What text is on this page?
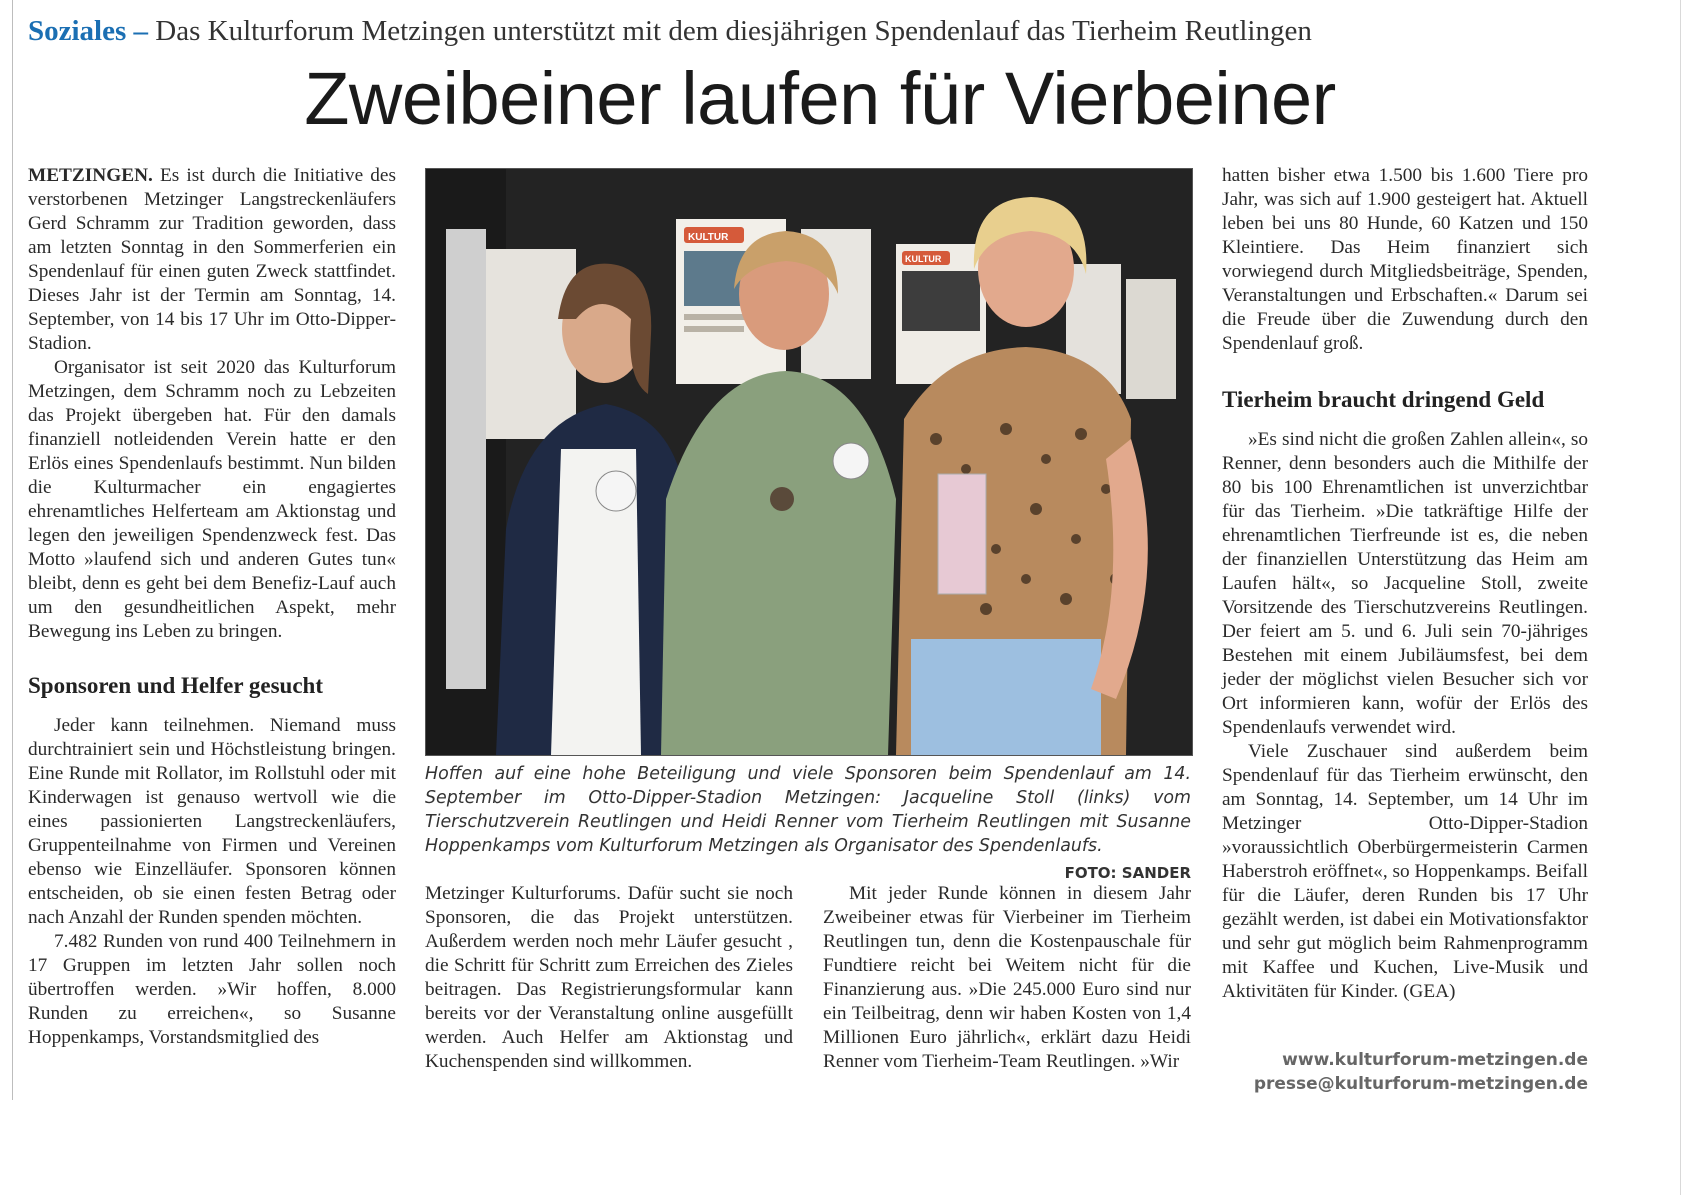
Soziales – Das Kulturforum Metzingen unterstützt mit dem diesjährigen Spendenlauf das Tierheim Reutlingen
Zweibeiner laufen für Vierbeiner

METZINGEN. Es ist durch die Initiative des verstorbenen Metzinger Langstreckenläufers Gerd Schramm zur Tradition geworden, dass am letzten Sonntag in den Sommerferien ein Spendenlauf für einen guten Zweck stattfindet. Dieses Jahr ist der Termin am Sonntag, 14. September, von 14 bis 17 Uhr im Otto-Dipper-Stadion.

Organisator ist seit 2020 das Kulturforum Metzingen, dem Schramm noch zu Lebzeiten das Projekt übergeben hat. Für den damals finanziell notleidenden Verein hatte er den Erlös eines Spendenlaufs bestimmt. Nun bilden die Kulturmacher ein engagiertes ehrenamtliches Helferteam am Aktionstag und legen den jeweiligen Spendenzweck fest. Das Motto »laufend sich und anderen Gutes tun« bleibt, denn es geht bei dem Benefiz-Lauf auch um den gesundheitlichen Aspekt, mehr Bewegung ins Leben zu bringen.

Sponsoren und Helfer gesucht

Jeder kann teilnehmen. Niemand muss durchtrainiert sein und Höchstleistung bringen. Eine Runde mit Rollator, im Rollstuhl oder mit Kinderwagen ist genauso wertvoll wie die eines passionierten Langstreckenläufers, Gruppenteilnahme von Firmen und Vereinen ebenso wie Einzelläufer. Sponsoren können entscheiden, ob sie einen festen Betrag oder nach Anzahl der Runden spenden möchten.

7.482 Runden von rund 400 Teilnehmern in 17 Gruppen im letzten Jahr sollen noch übertroffen werden. »Wir hoffen, 8.000 Runden zu erreichen«, so Susanne Hoppenkamps, Vorstandsmitglied des

KULTUR
KULTUR
Hoffen auf eine hohe Beteiligung und viele Sponsoren beim Spendenlauf am 14. September im Otto-Dipper-Stadion Metzingen: Jacqueline Stoll (links) vom Tierschutzverein Reutlingen und Heidi Renner vom Tierheim Reutlingen mit Susanne Hoppenkamps vom Kulturforum Metzingen als Organisator des Spendenlaufs.
FOTO: SANDER

Metzinger Kulturforums. Dafür sucht sie noch Sponsoren, die das Projekt unterstützen. Außerdem werden noch mehr Läufer gesucht , die Schritt für Schritt zum Erreichen des Zieles beitragen. Das Registrierungsformular kann bereits vor der Veranstaltung online ausgefüllt werden. Auch Helfer am Aktionstag und Kuchenspenden sind willkommen.

Mit jeder Runde können in diesem Jahr Zweibeiner etwas für Vierbeiner im Tierheim Reutlingen tun, denn die Kostenpauschale für Fundtiere reicht bei Weitem nicht für die Finanzierung aus. »Die 245.000 Euro sind nur ein Teilbeitrag, denn wir haben Kosten von 1,4 Millionen Euro jährlich«, erklärt dazu Heidi Renner vom Tierheim-Team Reutlingen. »Wir

hatten bisher etwa 1.500 bis 1.600 Tiere pro Jahr, was sich auf 1.900 gesteigert hat. Aktuell leben bei uns 80 Hunde, 60 Katzen und 150 Kleintiere. Das Heim finanziert sich vorwiegend durch Mitgliedsbeiträge, Spenden, Veranstaltungen und Erbschaften.« Darum sei die Freude über die Zuwendung durch den Spendenlauf groß.

Tierheim braucht dringend Geld

»Es sind nicht die großen Zahlen allein«, so Renner, denn besonders auch die Mithilfe der 80 bis 100 Ehrenamtlichen ist unverzichtbar für das Tierheim. »Die tatkräftige Hilfe der ehrenamtlichen Tierfreunde ist es, die neben der finanziellen Unterstützung das Heim am Laufen hält«, so Jacqueline Stoll, zweite Vorsitzende des Tierschutzvereins Reutlingen. Der feiert am 5. und 6. Juli sein 70-jähriges Bestehen mit einem Jubiläumsfest, bei dem jeder der möglichst vielen Besucher sich vor Ort informieren kann, wofür der Erlös des Spendenlaufs verwendet wird.

Viele Zuschauer sind außerdem beim Spendenlauf für das Tierheim erwünscht, den am Sonntag, 14. September, um 14 Uhr im Metzinger Otto-Dipper-Stadion »voraussichtlich Oberbürgermeisterin Carmen Haberstroh eröffnet«, so Hoppenkamps. Beifall für die Läufer, deren Runden bis 17 Uhr gezählt werden, ist dabei ein Motivationsfaktor und sehr gut möglich beim Rahmenprogramm mit Kaffee und Kuchen, Live-Musik und Aktivitäten für Kinder. (GEA)

www.kulturforum-metzingen.de
presse@kulturforum-metzingen.de
